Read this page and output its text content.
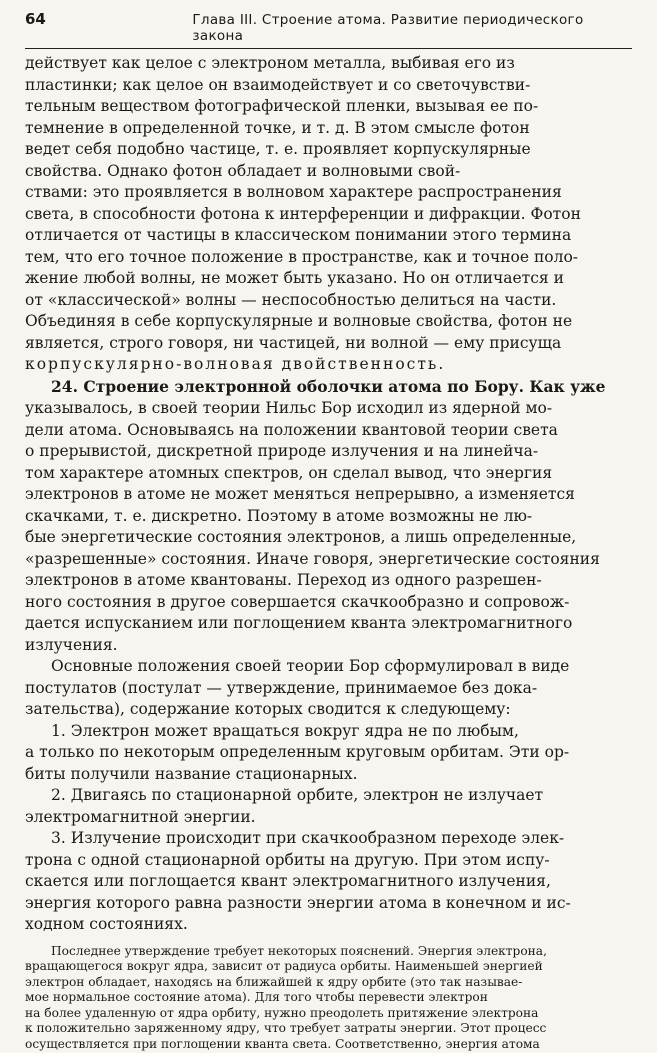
64	Глава III. Строение атома. Развитие периодического закона
действует как целое с электроном металла, выбивая его из
пластинки; как целое он взаимодействует и со светочувстви-
тельным веществом фотографической пленки, вызывая ее по-
темнение в определенной точке, и т. д. В этом смысле фотон
ведет себя подобно частице, т. е. проявляет корпускулярные
свойства. Однако фотон обладает и волновыми свой-
ствами: это проявляется в волновом характере распространения
света, в способности фотона к интерференции и дифракции. Фотон
отличается от частицы в классическом понимании этого термина
тем, что его точное положение в пространстве, как и точное поло-
жение любой волны, не может быть указано. Но он отличается и
от «классической» волны — неспособностью делиться на части.
Объединяя в себе корпускулярные и волновые свойства, фотон не
является, строго говоря, ни частицей, ни волной — ему присуща
корпускулярно-волновая двойственность.
24. Строение электронной оболочки атома по Бору. Как уже
указывалось, в своей теории Нильс Бор исходил из ядерной мо-
дели атома. Основываясь на положении квантовой теории света
о прерывистой, дискретной природе излучения и на линейча-
том характере атомных спектров, он сделал вывод, что энергия
электронов в атоме не может меняться непрерывно, а изменяется
скачками, т. е. дискретно. Поэтому в атоме возможны не лю-
бые энергетические состояния электронов, а лишь определенные,
«разрешенные» состояния. Иначе говоря, энергетические состояния
электронов в атоме квантованы. Переход из одного разрешен-
ного состояния в другое совершается скачкообразно и сопровож-
дается испусканием или поглощением кванта электромагнитного
излучения.
Основные положения своей теории Бор сформулировал в виде
постулатов (постулат — утверждение, принимаемое без дока-
зательства), содержание которых сводится к следующему:
1. Электрон может вращаться вокруг ядра не по любым,
а только по некоторым определенным круговым орбитам. Эти ор-
биты получили название стационарных.
2. Двигаясь по стационарной орбите, электрон не излучает
электромагнитной энергии.
3. Излучение происходит при скачкообразном переходе элек-
трона с одной стационарной орбиты на другую. При этом испу-
скается или поглощается квант электромагнитного излучения,
энергия которого равна разности энергии атома в конечном и ис-
ходном состояниях.
Последнее утверждение требует некоторых пояснений. Энергия электрона,
вращающегося вокруг ядра, зависит от радиуса орбиты. Наименьшей энергией
электрон обладает, находясь на ближайшей к ядру орбите (это так называе-
мое нормальное состояние атома). Для того чтобы перевести электрон
на более удаленную от ядра орбиту, нужно преодолеть притяжение электрона
к положительно заряженному ядру, что требует затраты энергии. Этот процесс
осуществляется при поглощении кванта света. Соответственно, энергия атома
